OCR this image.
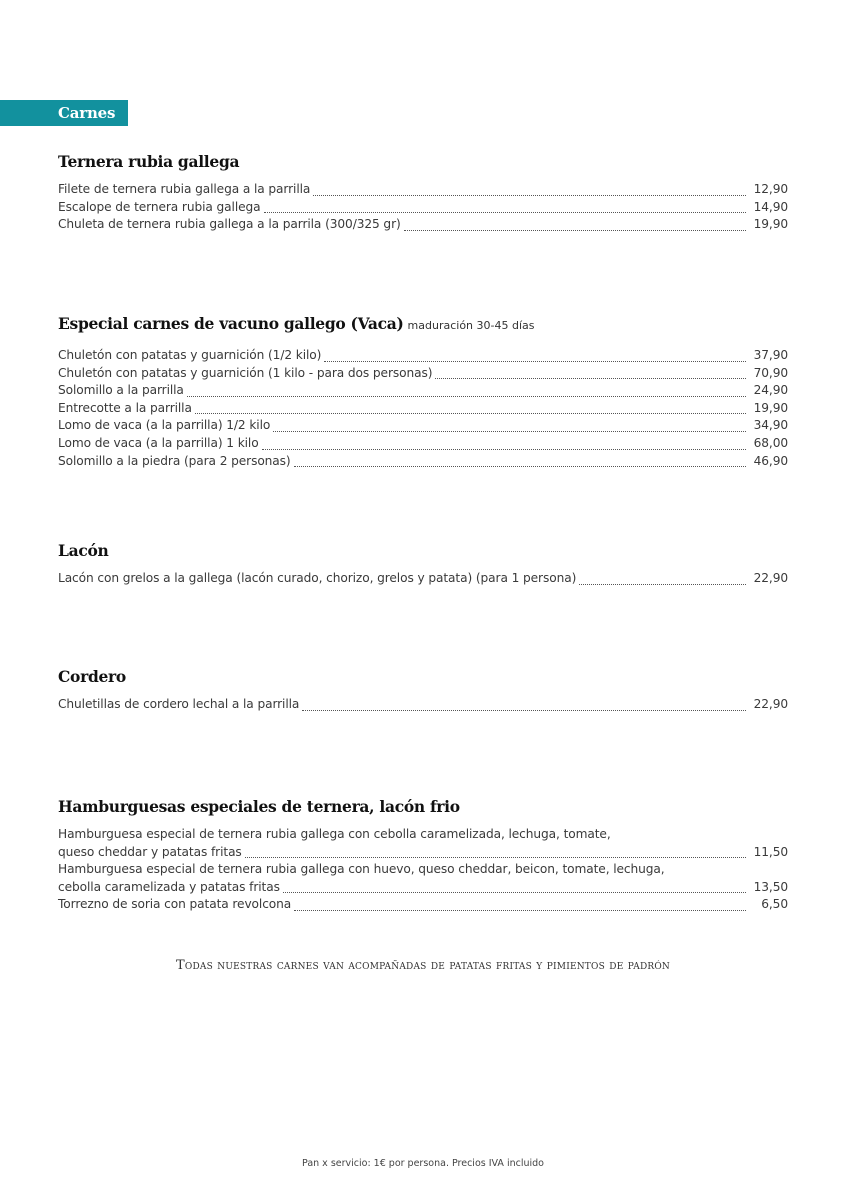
Carnes
Ternera rubia gallega
Filete de ternera rubia gallega a la parrilla	12,90
Escalope de ternera rubia gallega	14,90
Chuleta de ternera rubia gallega a la parrila (300/325 gr)	19,90
Especial carnes de vacuno gallego (Vaca) maduración 30-45 días
Chuletón con patatas y guarnición (1/2 kilo)	37,90
Chuletón con patatas y guarnición (1 kilo - para dos personas)	70,90
Solomillo a la parrilla	24,90
Entrecotte a la parrilla	19,90
Lomo de vaca (a la parrilla) 1/2 kilo	34,90
Lomo de vaca (a la parrilla) 1 kilo	68,00
Solomillo a la piedra (para 2 personas)	46,90
Lacón
Lacón con grelos a la gallega (lacón curado, chorizo, grelos y patata) (para 1 persona)	22,90
Cordero
Chuletillas de cordero lechal a la parrilla	22,90
Hamburguesas especiales de ternera, lacón frio
Hamburguesa especial de ternera rubia gallega con cebolla caramelizada, lechuga, tomate,
queso cheddar y patatas fritas	11,50
Hamburguesa especial de ternera rubia gallega con huevo, queso cheddar, beicon, tomate, lechuga,
cebolla caramelizada y patatas fritas	13,50
Torrezno de soria con patata revolcona	6,50
Todas nuestras carnes van acompañadas de patatas fritas y pimientos de padrón
Pan x servicio: 1€ por persona. Precios IVA incluido
